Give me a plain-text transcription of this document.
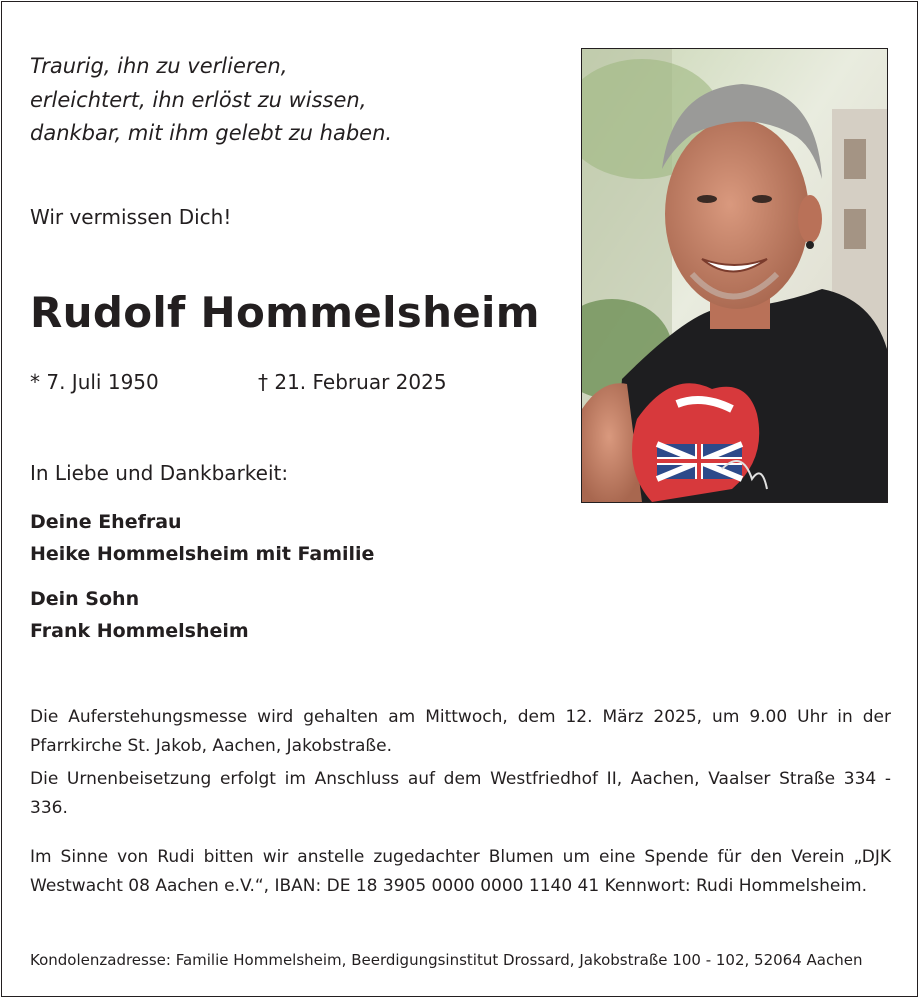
Traurig, ihn zu verlieren,
erleichtert, ihn erlöst zu wissen,
dankbar, mit ihm gelebt zu haben.
Wir vermissen Dich!
Rudolf Hommelsheim
* 7. Juli 1950	† 21. Februar 2025
In Liebe und Dankbarkeit:
Deine Ehefrau
Heike Hommelsheim mit Familie
Dein Sohn
Frank Hommelsheim
Die Auferstehungsmesse wird gehalten am Mittwoch, dem 12. März 2025, um 9.00 Uhr in der Pfarrkirche St. Jakob, Aachen, Jakobstraße.
Die Urnenbeisetzung erfolgt im Anschluss auf dem Westfriedhof II, Aachen, Vaalser Straße 334 - 336.
Im Sinne von Rudi bitten wir anstelle zugedachter Blumen um eine Spende für den Verein „DJK Westwacht 08 Aachen e.V.“, IBAN: DE 18 3905 0000 0000 1140 41 Kennwort: Rudi Hommelsheim.
Kondolenzadresse: Familie Hommelsheim, Beerdigungsinstitut Drossard, Jakobstraße 100 - 102, 52064 Aachen
